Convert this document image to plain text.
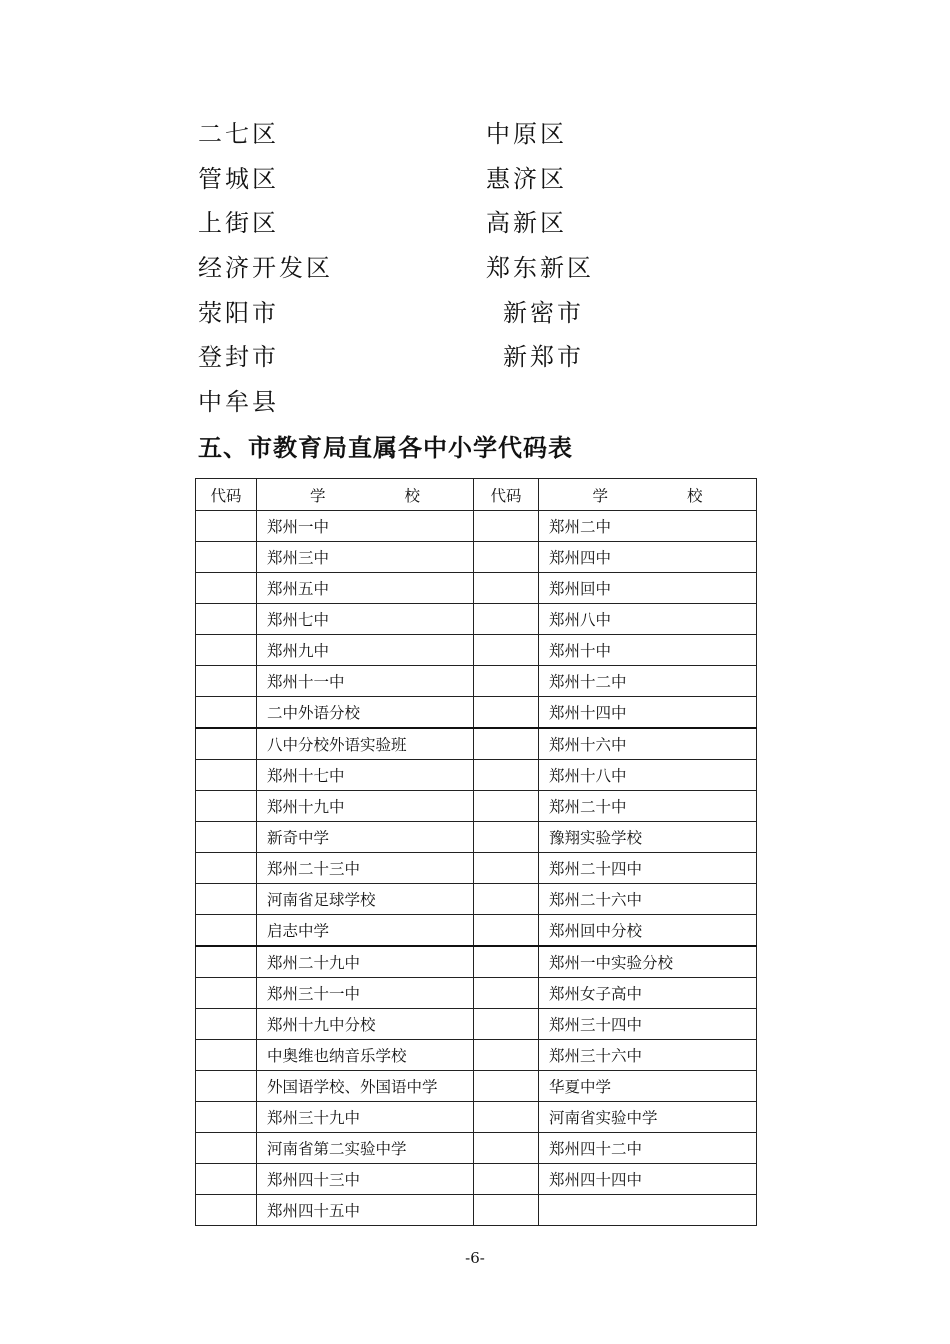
二七区	中原区
管城区	惠济区
上街区	高新区
经济开发区	郑东新区
荥阳市	新密市
登封市	新郑市
中牟县
五、市教育局直属各中小学代码表
代码	学　　　校	代码	学　　　校
	郑州一中		郑州二中
	郑州三中		郑州四中
	郑州五中		郑州回中
	郑州七中		郑州八中
	郑州九中		郑州十中
	郑州十一中		郑州十二中
	二中外语分校		郑州十四中
	八中分校外语实验班		郑州十六中
	郑州十七中		郑州十八中
	郑州十九中		郑州二十中
	新奇中学		豫翔实验学校
	郑州二十三中		郑州二十四中
	河南省足球学校		郑州二十六中
	启志中学		郑州回中分校
	郑州二十九中		郑州一中实验分校
	郑州三十一中		郑州女子高中
	郑州十九中分校		郑州三十四中
	中奥维也纳音乐学校		郑州三十六中
	外国语学校、外国语中学		华夏中学
	郑州三十九中		河南省实验中学
	河南省第二实验中学		郑州四十二中
	郑州四十三中		郑州四十四中
	郑州四十五中		
-6-
